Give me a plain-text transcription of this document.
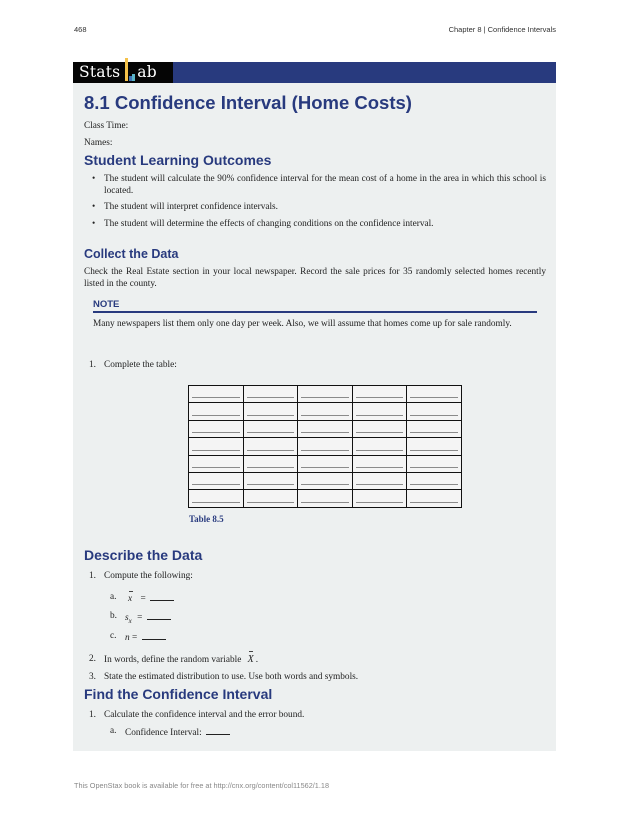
468	Chapter 8 | Confidence Intervals
Stats ab
8.1 Confidence Interval (Home Costs)
Class Time:
Names:
Student Learning Outcomes
• The student will calculate the 90% confidence interval for the mean cost of a home in the area in which this school is located.
• The student will interpret confidence intervals.
• The student will determine the effects of changing conditions on the confidence interval.
Collect the Data
Check the Real Estate section in your local newspaper. Record the sale prices for 35 randomly selected homes recently listed in the county.
NOTE
Many newspapers list them only one day per week. Also, we will assume that homes come up for sale randomly.
1. Complete the table:

Table 8.5
Describe the Data
1. Compute the following:
a. x =
b. $s_x$ =
c. n =
2. In words, define the random variable X .
3. State the estimated distribution to use. Use both words and symbols.
Find the Confidence Interval
1. Calculate the confidence interval and the error bound.
a. Confidence Interval:
This OpenStax book is available for free at http://cnx.org/content/col11562/1.18
